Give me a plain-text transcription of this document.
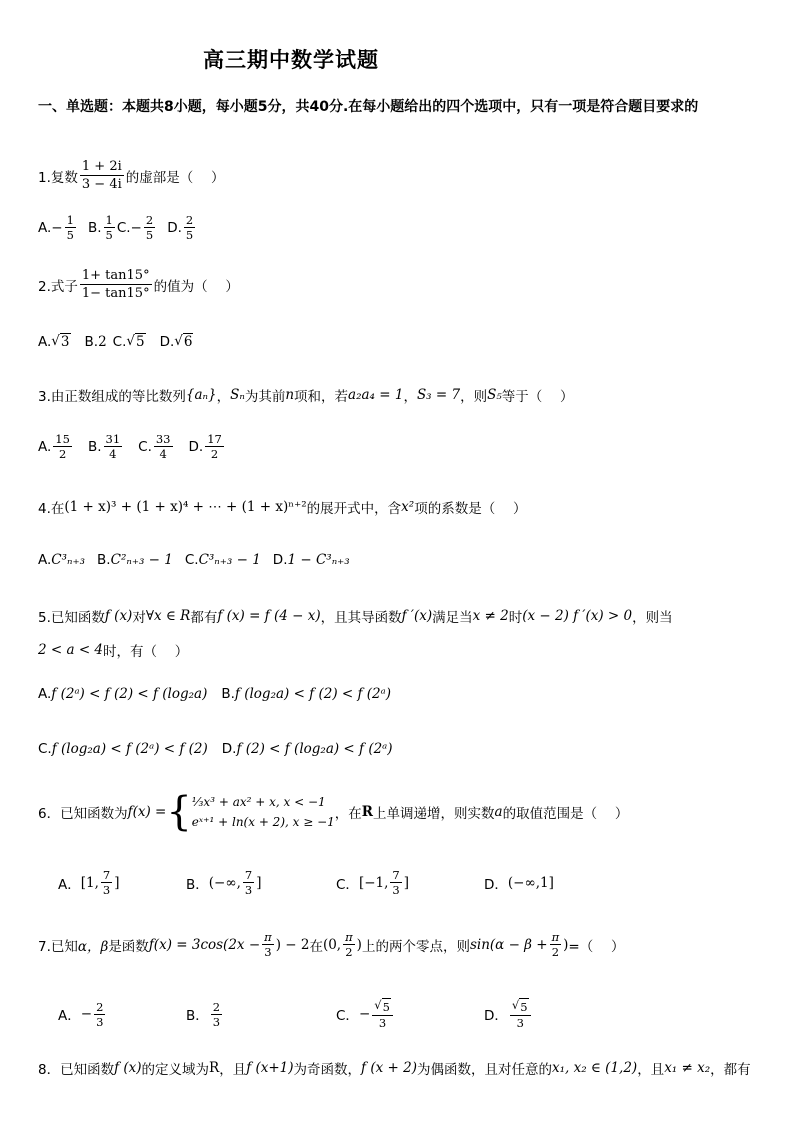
高三期中数学试题
一、单选题：本题共8小题，每小题5分，共40分.在每小题给出的四个选项中，只有一项是符合题目要求的
1.复数 $\frac{1 + 2i}{3 - 4i}$ 的虚部是（　 ）
A. − $\frac{1}{5} B$. $\frac{1}{5} C$. − $\frac{2}{5} D$. $\frac{2}{5}$
2.式子 $\frac{1+ \tan 15^\circ}{1- \tan 15^\circ}$ 的值为（　 ）
A. √ 3 B. 2 C. √ 5 D. √ 6
3.由正数组成的等比数列 {aₙ} ， Sₙ 为其前 n 项和，若 a₂a₄ = 1 ， S₃ = 7 ，则 S₅ 等于（　 ）
A. $\frac{15}{2} B$. $\frac{31}{4} C$. $\frac{33}{4} D$. $\frac{17}{2}$
4.在 (1 + x)³ + (1 + x)⁴ + ⋯ + (1 + x)ⁿ⁺² 的展开式中，含 x² 项的系数是（　 ）
A. C³ₙ₊₃ B. C²ₙ₊₃ − 1 C. C³ₙ₊₃ − 1 D. 1 − C³ₙ₊₃
5.已知函数 f (x) 对 ∀x ∈ R 都有 f (x) = f (4 − x) ，且其导函数 f ′(x) 满足当 x ≠ 2 时 (x − 2) f ′(x) > 0 ，则当
2 < a < 4 时，有（　 ）
A. f (2ᵃ) < f (2) < f (log₂a) B. f (log₂a) < f (2) < f (2ᵃ)
C. f (log₂a) < f (2ᵃ) < f (2) D. f (2) < f (log₂a) < f (2ᵃ)
6．已知函数为 f(x) = { ⅓x³ + ax² + x, x < −1
eˣ⁺¹ + ln(x + 2), x ≥ −1 ，在 R 上单调递增，则实数 a 的取值范围是（　 ）
A． [1, $\frac{7}{3}$ ]	B． (−∞, $\frac{7}{3}$ ]	C． [−1, $\frac{7}{3}$ ]	D． (−∞,1]
7.已知 α，β 是函数 $f(x) = 3\cos(2x - \frac{\pi}{3}$ ) − 2 在 (0, $\frac{\pi}{2}$ ) 上的两个零点，则 $\sin(\alpha - \beta + \frac{\pi}{2}$ ) =（　 ）
A． − $\frac{2}{3}$	B． $\frac{2}{3}$	C． − $\frac{√ 5}{3}$	D． $\frac{√ 5}{3}$
8．已知函数 f (x) 的定义域为 R ，且 f (x+1) 为奇函数， f (x + 2) 为偶函数，且对任意的 x₁, x₂ ∈ (1,2) ，且 x₁ ≠ x₂ ，都有
